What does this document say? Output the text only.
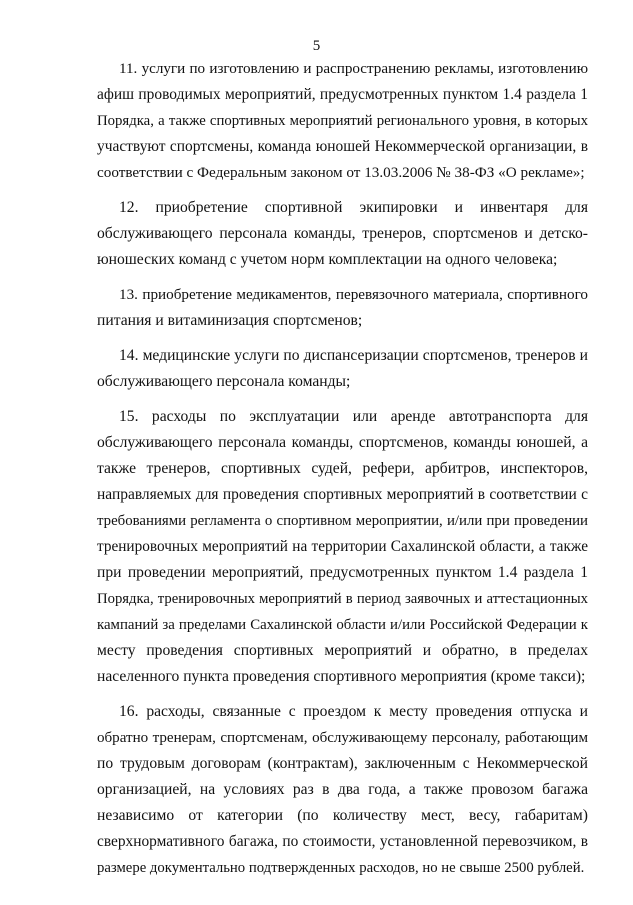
5
11. услуги по изготовлению и распространению рекламы, изготовлению
афиш проводимых мероприятий, предусмотренных пунктом 1.4 раздела 1
Порядка, а также спортивных мероприятий регионального уровня, в которых
участвуют спортсмены, команда юношей Некоммерческой организации, в
соответствии с Федеральным законом от 13.03.2006 № 38-ФЗ «О рекламе»;
12. приобретение спортивной экипировки и инвентаря для
обслуживающего персонала команды, тренеров, спортсменов и детско-
юношеских команд с учетом норм комплектации на одного человека;
13. приобретение медикаментов, перевязочного материала, спортивного
питания и витаминизация спортсменов;
14. медицинские услуги по диспансеризации спортсменов, тренеров и
обслуживающего персонала команды;
15. расходы по эксплуатации или аренде автотранспорта для
обслуживающего персонала команды, спортсменов, команды юношей, а
также тренеров, спортивных судей, рефери, арбитров, инспекторов,
направляемых для проведения спортивных мероприятий в соответствии с
требованиями регламента о спортивном мероприятии, и/или при проведении
тренировочных мероприятий на территории Сахалинской области, а также
при проведении мероприятий, предусмотренных пунктом 1.4 раздела 1
Порядка, тренировочных мероприятий в период заявочных и аттестационных
кампаний за пределами Сахалинской области и/или Российской Федерации к
месту проведения спортивных мероприятий и обратно, в пределах
населенного пункта проведения спортивного мероприятия (кроме такси);
16. расходы, связанные с проездом к месту проведения отпуска и
обратно тренерам, спортсменам, обслуживающему персоналу, работающим
по трудовым договорам (контрактам), заключенным с Некоммерческой
организацией, на условиях раз в два года, а также провозом багажа
независимо от категории (по количеству мест, весу, габаритам)
сверхнормативного багажа, по стоимости, установленной перевозчиком, в
размере документально подтвержденных расходов, но не свыше 2500 рублей.
